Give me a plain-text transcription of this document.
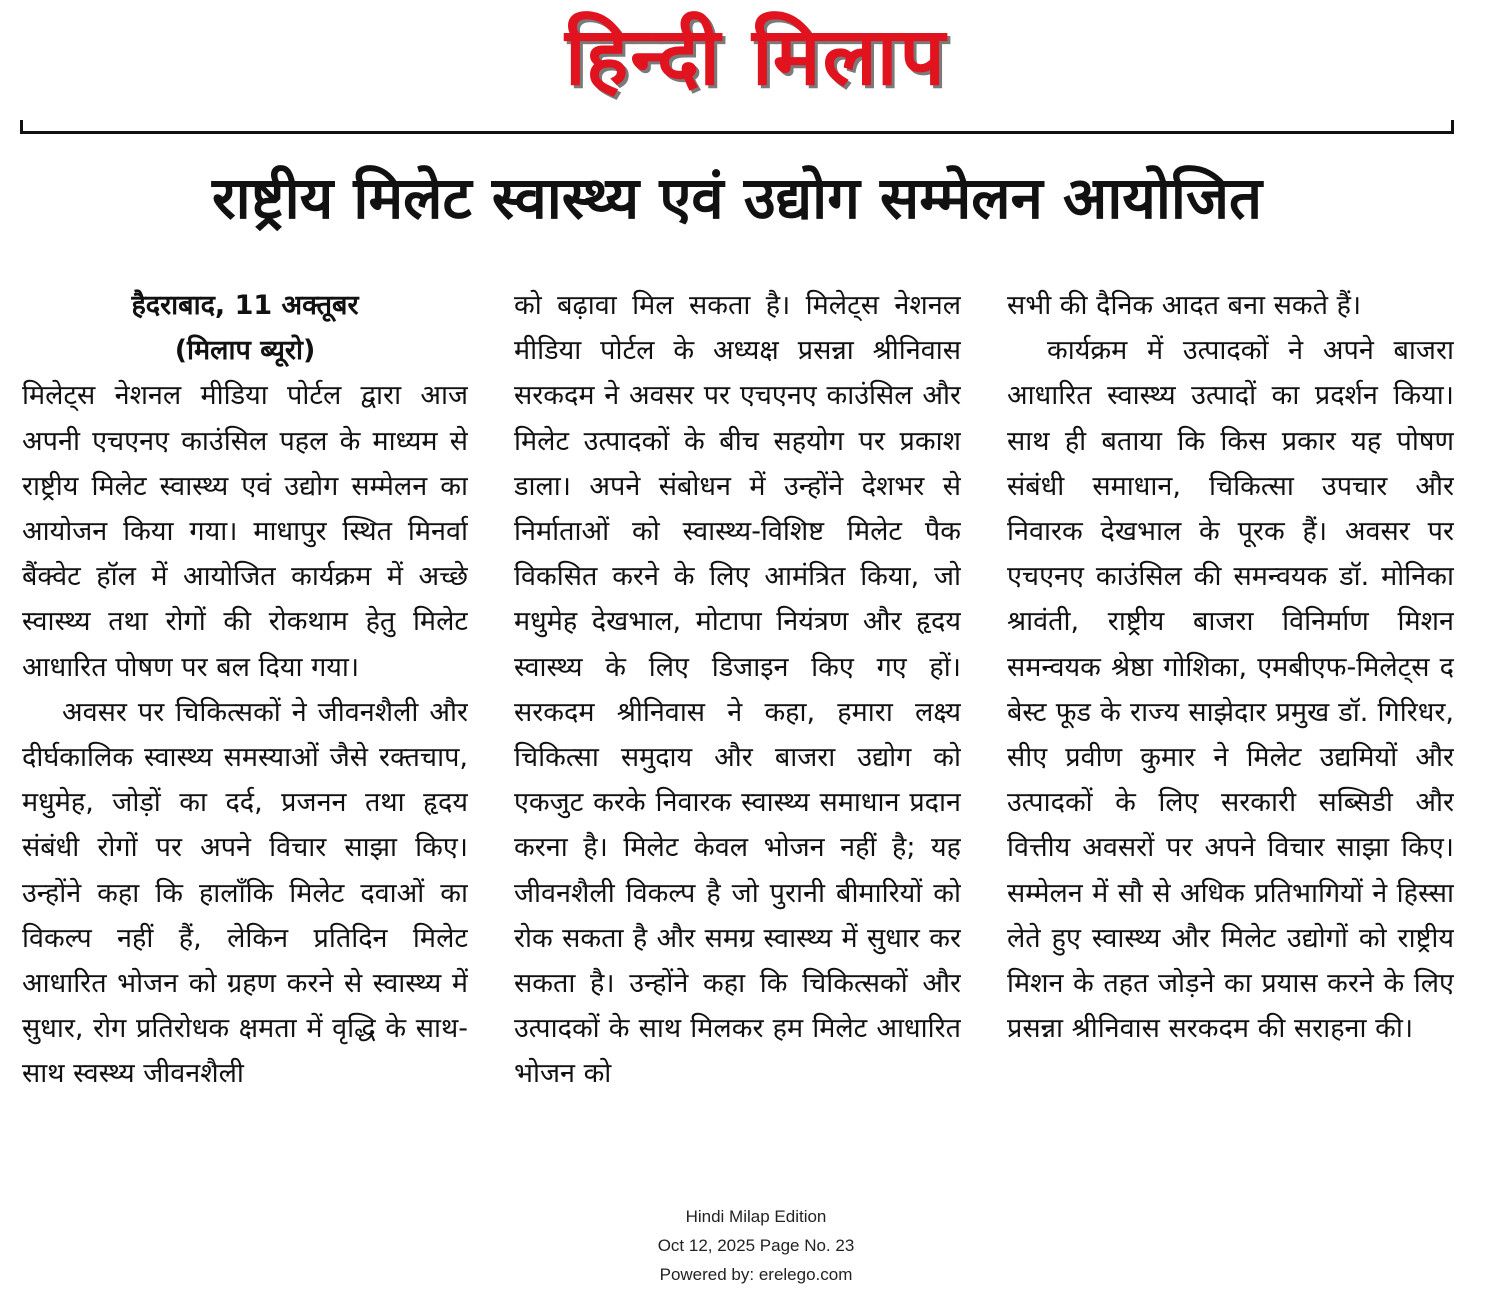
हिन्दी मिलाप
राष्ट्रीय मिलेट स्वास्थ्य एवं उद्योग सम्मेलन आयोजित

हैदराबाद, 11 अक्तूबर

(मिलाप ब्यूरो)

मिलेट्स नेशनल मीडिया पोर्टल द्वारा आज अपनी एचएनए काउंसिल पहल के माध्यम से राष्ट्रीय मिलेट स्वास्थ्य एवं उद्योग सम्मेलन का आयोजन किया गया। माधापुर स्थित मिनर्वा बैंक्वेट हॉल में आयोजित कार्यक्रम में अच्छे स्वास्थ्य तथा रोगों की रोकथाम हेतु मिलेट आधारित पोषण पर बल दिया गया।

अवसर पर चिकित्सकों ने जीवनशैली और दीर्घकालिक स्वास्थ्य समस्याओं जैसे रक्तचाप, मधुमेह, जोड़ों का दर्द, प्रजनन तथा हृदय संबंधी रोगों पर अपने विचार साझा किए। उन्होंने कहा कि हालाँकि मिलेट दवाओं का विकल्प नहीं हैं, लेकिन प्रतिदिन मिलेट आधारित भोजन को ग्रहण करने से स्वास्थ्य में सुधार, रोग प्रतिरोधक क्षमता में वृद्धि के साथ-साथ स्वस्थ्य जीवनशैली

को बढ़ावा मिल सकता है। मिलेट्स नेशनल मीडिया पोर्टल के अध्यक्ष प्रसन्ना श्रीनिवास सरकदम ने अवसर पर एचएनए काउंसिल और मिलेट उत्पादकों के बीच सहयोग पर प्रकाश डाला। अपने संबोधन में उन्होंने देशभर से निर्माताओं को स्वास्थ्य-विशिष्ट मिलेट पैक विकसित करने के लिए आमंत्रित किया, जो मधुमेह देखभाल, मोटापा नियंत्रण और हृदय स्वास्थ्य के लिए डिजाइन किए गए हों। सरकदम श्रीनिवास ने कहा, हमारा लक्ष्य चिकित्सा समुदाय और बाजरा उद्योग को एकजुट करके निवारक स्वास्थ्य समाधान प्रदान करना है। मिलेट केवल भोजन नहीं है; यह जीवनशैली विकल्प है जो पुरानी बीमारियों को रोक सकता है और समग्र स्वास्थ्य में सुधार कर सकता है। उन्होंने कहा कि चिकित्सकों और उत्पादकों के साथ मिलकर हम मिलेट आधारित भोजन को

सभी की दैनिक आदत बना सकते हैं।

कार्यक्रम में उत्पादकों ने अपने बाजरा आधारित स्वास्थ्य उत्पादों का प्रदर्शन किया। साथ ही बताया कि किस प्रकार यह पोषण संबंधी समाधान, चिकित्सा उपचार और निवारक देखभाल के पूरक हैं। अवसर पर एचएनए काउंसिल की समन्वयक डॉ. मोनिका श्रावंती, राष्ट्रीय बाजरा विनिर्माण मिशन समन्वयक श्रेष्ठा गोशिका, एमबीएफ-मिलेट्स द बेस्ट फूड के राज्य साझेदार प्रमुख डॉ. गिरिधर, सीए प्रवीण कुमार ने मिलेट उद्यमियों और उत्पादकों के लिए सरकारी सब्सिडी और वित्तीय अवसरों पर अपने विचार साझा किए। सम्मेलन में सौ से अधिक प्रतिभागियों ने हिस्सा लेते हुए स्वास्थ्य और मिलेट उद्योगों को राष्ट्रीय मिशन के तहत जोड़ने का प्रयास करने के लिए प्रसन्ना श्रीनिवास सरकदम की सराहना की।

Hindi Milap Edition
Oct 12, 2025 Page No. 23
Powered by: erelego.com
